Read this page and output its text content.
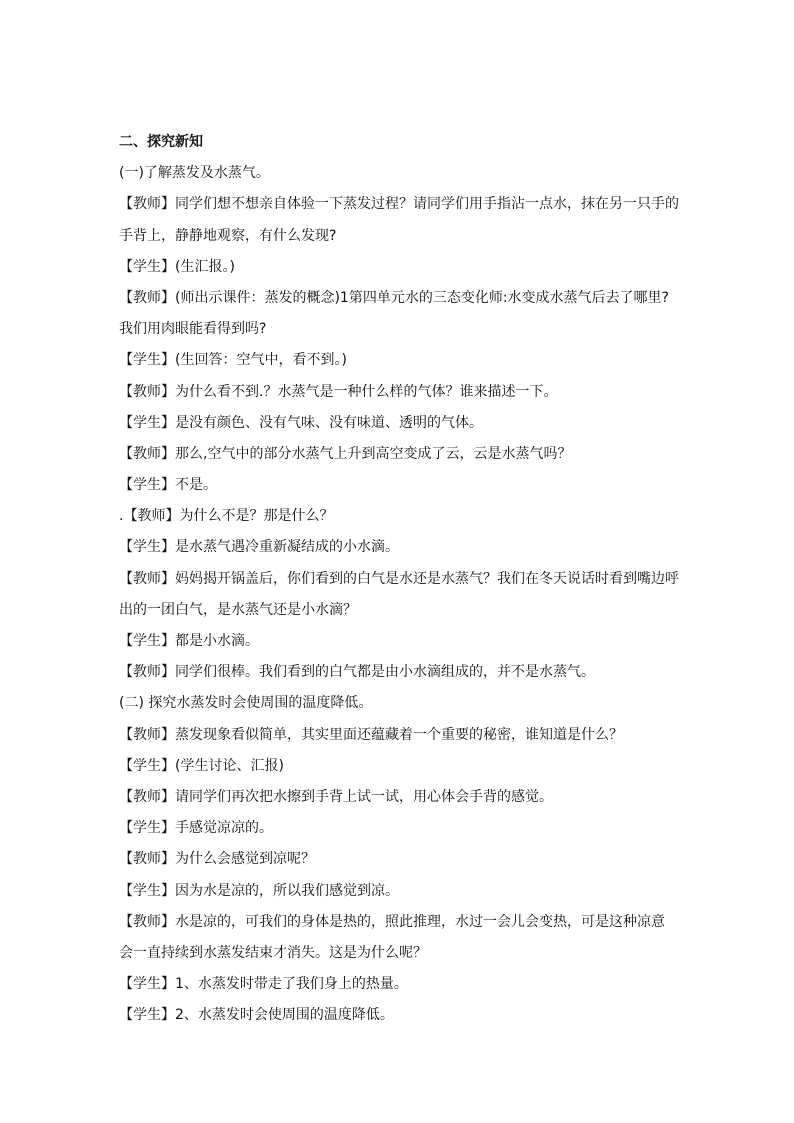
二、探究新知
(一)了解蒸发及水蒸气。
【教师】同学们想不想亲自体验一下蒸发过程？请同学们用手指沾一点水，抹在另一只手的
手背上，静静地观察，有什么发现?
【学生】(生汇报。)
【教师】(师出示课件：蒸发的概念)1第四单元水的三态变化师:水变成水蒸气后去了哪里?
我们用肉眼能看得到吗?
【学生】(生回答：空气中，看不到。)
【教师】为什么看不到.？水蒸气是一种什么样的气体？谁来描述一下。
【学生】是没有颜色、没有气味、没有味道、透明的气体。
【教师】那么,空气中的部分水蒸气上升到高空变成了云，云是水蒸气吗？
【学生】不是。
.【教师】为什么不是？那是什么？
【学生】是水蒸气遇冷重新凝结成的小水滴。
【教师】妈妈揭开锅盖后，你们看到的白气是水还是水蒸气？我们在冬天说话时看到嘴边呼
出的一团白气，是水蒸气还是小水滴？
【学生】都是小水滴。
【教师】同学们很棒。我们看到的白气都是由小水滴组成的，并不是水蒸气。
(二) 探究水蒸发时会使周围的温度降低。
【教师】蒸发现象看似简单，其实里面还蕴藏着一个重要的秘密，谁知道是什么？
【学生】(学生讨论、汇报)
【教师】请同学们再次把水擦到手背上试一试，用心体会手背的感觉。
【学生】手感觉凉凉的。
【教师】为什么会感觉到凉呢？
【学生】因为水是凉的，所以我们感觉到凉。
【教师】水是凉的，可我们的身体是热的，照此推理，水过一会儿会变热，可是这种凉意
会一直持续到水蒸发结束才消失。这是为什么呢？
【学生】1、水蒸发时带走了我们身上的热量。
【学生】2、水蒸发时会使周围的温度降低。
